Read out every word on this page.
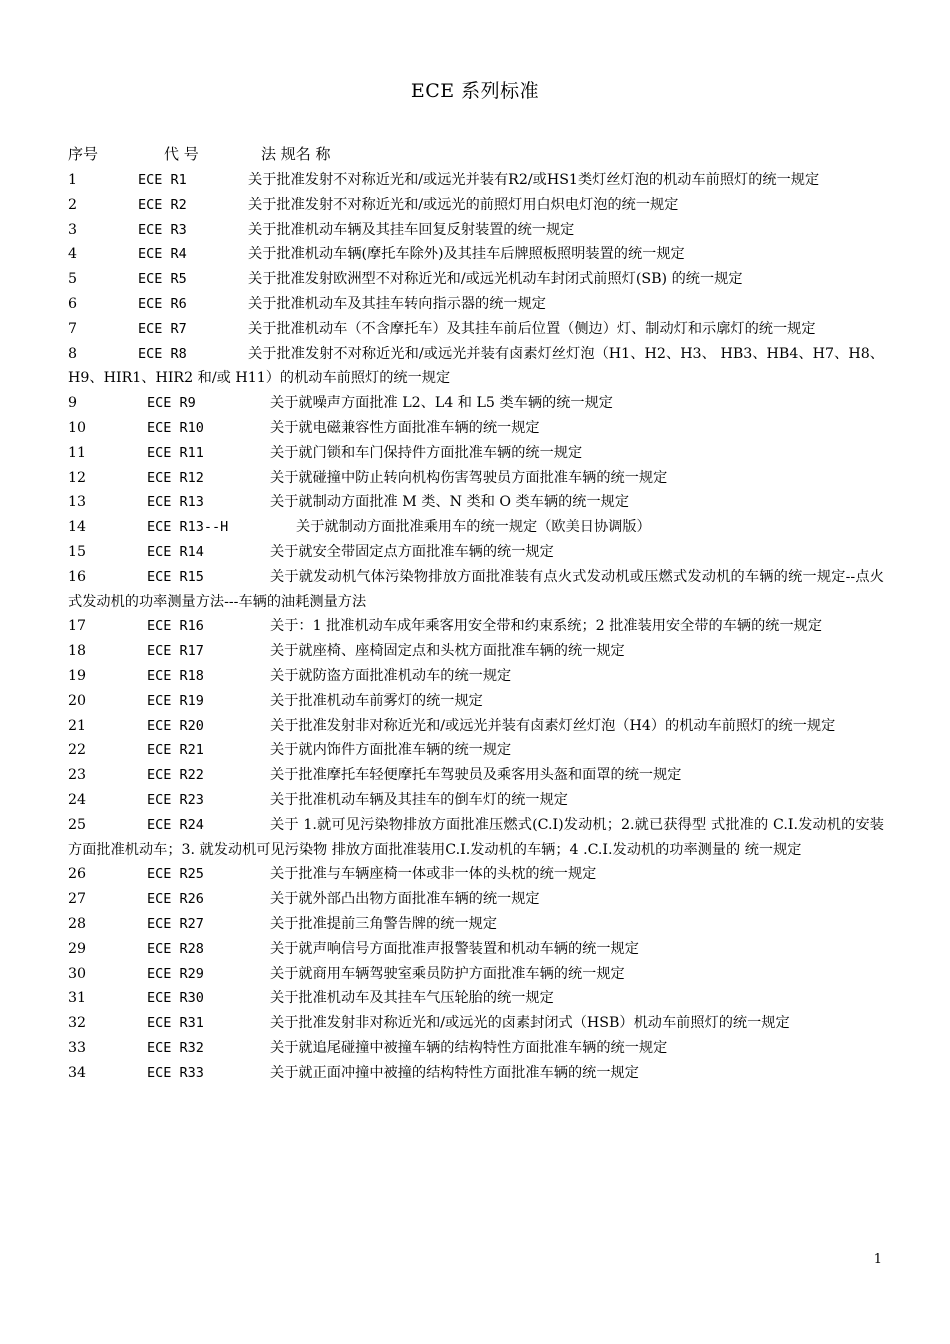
ECE 系列标准
序号	代 号	法 规名 称
1	ECE R1	关于批准发射不对称近光和/或远光并装有R2/或HS1类灯丝灯泡的机动车前照灯的统一规定
2	ECE R2	关于批准发射不对称近光和/或远光的前照灯用白炽电灯泡的统一规定
3	ECE R3	关于批准机动车辆及其挂车回复反射装置的统一规定
4	ECE R4	关于批准机动车辆(摩托车除外)及其挂车后牌照板照明装置的统一规定
5	ECE R5	关于批准发射欧洲型不对称近光和/或远光机动车封闭式前照灯(SB) 的统一规定
6	ECE R6	关于批准机动车及其挂车转向指示器的统一规定
7	ECE R7	关于批准机动车（不含摩托车）及其挂车前后位置（侧边）灯、制动灯和示廓灯的统一规定
8	ECE R8	关于批准发射不对称近光和/或远光并装有卤素灯丝灯泡（H1、H2、H3、 HB3、HB4、H7、H8、H9、HIR1、HIR2 和/或 H11）的机动车前照灯的统一规定
9	ECE R9	关于就噪声方面批准 L2、L4 和 L5 类车辆的统一规定
10	ECE R10	关于就电磁兼容性方面批准车辆的统一规定
11	ECE R11	关于就门锁和车门保持件方面批准车辆的统一规定
12	ECE R12	关于就碰撞中防止转向机构伤害驾驶员方面批准车辆的统一规定
13	ECE R13	关于就制动方面批准 M 类、N 类和 O 类车辆的统一规定
14	ECE R13--H	关于就制动方面批准乘用车的统一规定（欧美日协调版）
15	ECE R14	关于就安全带固定点方面批准车辆的统一规定
16	ECE R15	关于就发动机气体污染物排放方面批准装有点火式发动机或压燃式发动机的车辆的统一规定--点火式发动机的功率测量方法---车辆的油耗测量方法
17	ECE R16	关于：1 批准机动车成年乘客用安全带和约束系统；2 批准装用安全带的车辆的统一规定
18	ECE R17	关于就座椅、座椅固定点和头枕方面批准车辆的统一规定
19	ECE R18	关于就防盗方面批准机动车的统一规定
20	ECE R19	关于批准机动车前雾灯的统一规定
21	ECE R20	关于批准发射非对称近光和/或远光并装有卤素灯丝灯泡（H4）的机动车前照灯的统一规定
22	ECE R21	关于就内饰件方面批准车辆的统一规定
23	ECE R22	关于批准摩托车轻便摩托车驾驶员及乘客用头盔和面罩的统一规定
24	ECE R23	关于批准机动车辆及其挂车的倒车灯的统一规定
25	ECE R24	关于 1.就可见污染物排放方面批准压燃式(C.I)发动机；2.就已获得型 式批准的 C.I.发动机的安装方面批准机动车；3. 就发动机可见污染物 排放方面批准装用C.I.发动机的车辆；4 .C.I.发动机的功率测量的 统一规定
26	ECE R25	关于批准与车辆座椅一体或非一体的头枕的统一规定
27	ECE R26	关于就外部凸出物方面批准车辆的统一规定
28	ECE R27	关于批准提前三角警告牌的统一规定
29	ECE R28	关于就声响信号方面批准声报警装置和机动车辆的统一规定
30	ECE R29	关于就商用车辆驾驶室乘员防护方面批准车辆的统一规定
31	ECE R30	关于批准机动车及其挂车气压轮胎的统一规定
32	ECE R31	关于批准发射非对称近光和/或远光的卤素封闭式（HSB）机动车前照灯的统一规定
33	ECE R32	关于就追尾碰撞中被撞车辆的结构特性方面批准车辆的统一规定
34	ECE R33	关于就正面冲撞中被撞的结构特性方面批准车辆的统一规定
1
